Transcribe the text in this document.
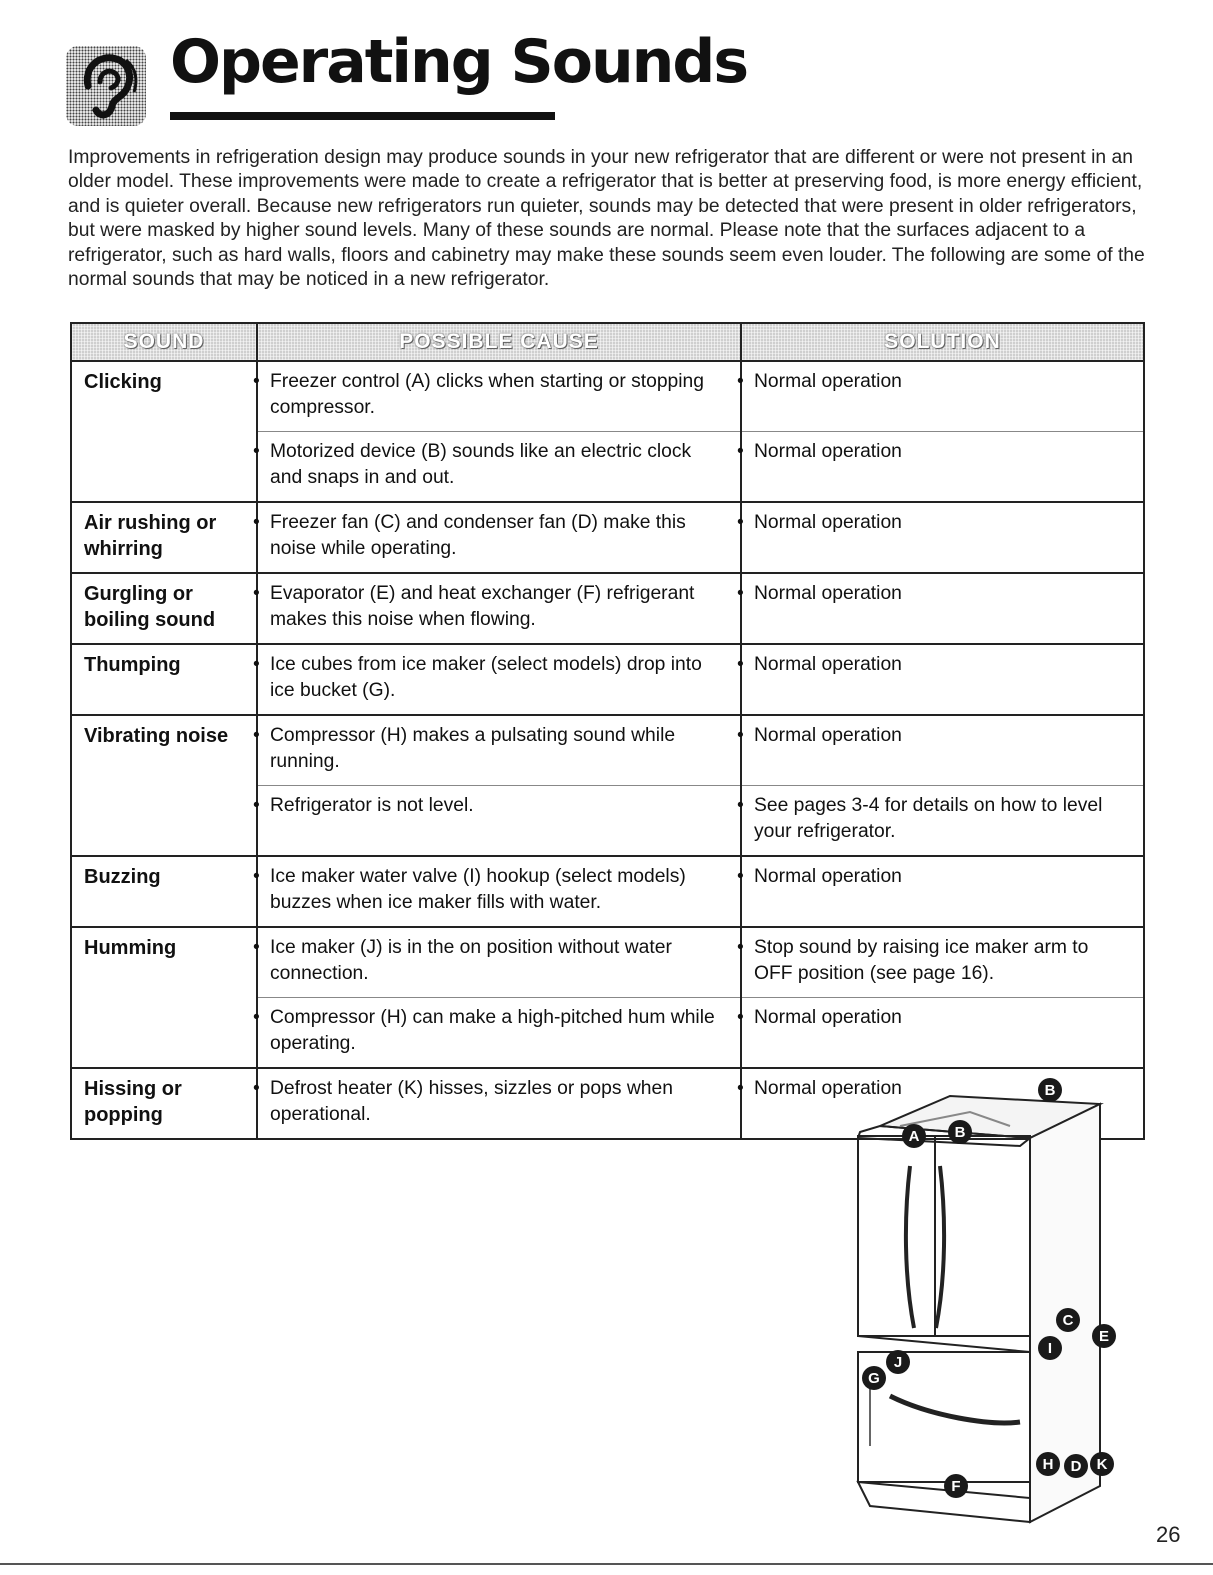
Operating Sounds

Improvements in refrigeration design may produce sounds in your new refrigerator that are different or were not present in an older model. These improvements were made to create a refrigerator that is better at preserving food, is more energy efficient, and is quieter overall. Because new refrigerators run quieter, sounds may be detected that were present in older refrigerators, but were masked by higher sound levels. Many of these sounds are normal. Please note that the surfaces adjacent to a refrigerator, such as hard walls, floors and cabinetry may make these sounds seem even louder. The following are some of the normal sounds that may be noticed in a new refrigerator.

SOUND	POSSIBLE CAUSE	SOLUTION
Clicking	• Freezer control (A) clicks when starting or stopping compressor.	• Normal operation
	• Motorized device (B) sounds like an electric clock and snaps in and out.	• Normal operation
Air rushing or whirring	• Freezer fan (C) and condenser fan (D) make this noise while operating.	• Normal operation
Gurgling or boiling sound	• Evaporator (E) and heat exchanger (F) refrigerant makes this noise when flowing.	• Normal operation
Thumping	• Ice cubes from ice maker (select models) drop into ice bucket (G).	• Normal operation
Vibrating noise	• Compressor (H) makes a pulsating sound while running.	• Normal operation
	• Refrigerator is not level.	• See pages 3-4 for details on how to level your refrigerator.
Buzzing	• Ice maker water valve (I) hookup (select models) buzzes when ice maker fills with water.	• Normal operation
Humming	• Ice maker (J) is in the on position without water connection.	• Stop sound by raising ice maker arm to OFF position (see page 16).
	• Compressor (H) can make a high-pitched hum while operating.	• Normal operation
Hissing or popping	• Defrost heater (K) hisses, sizzles or pops when operational.	• Normal operation
A B
B
C
E
I
G
J
F
H D K
26
